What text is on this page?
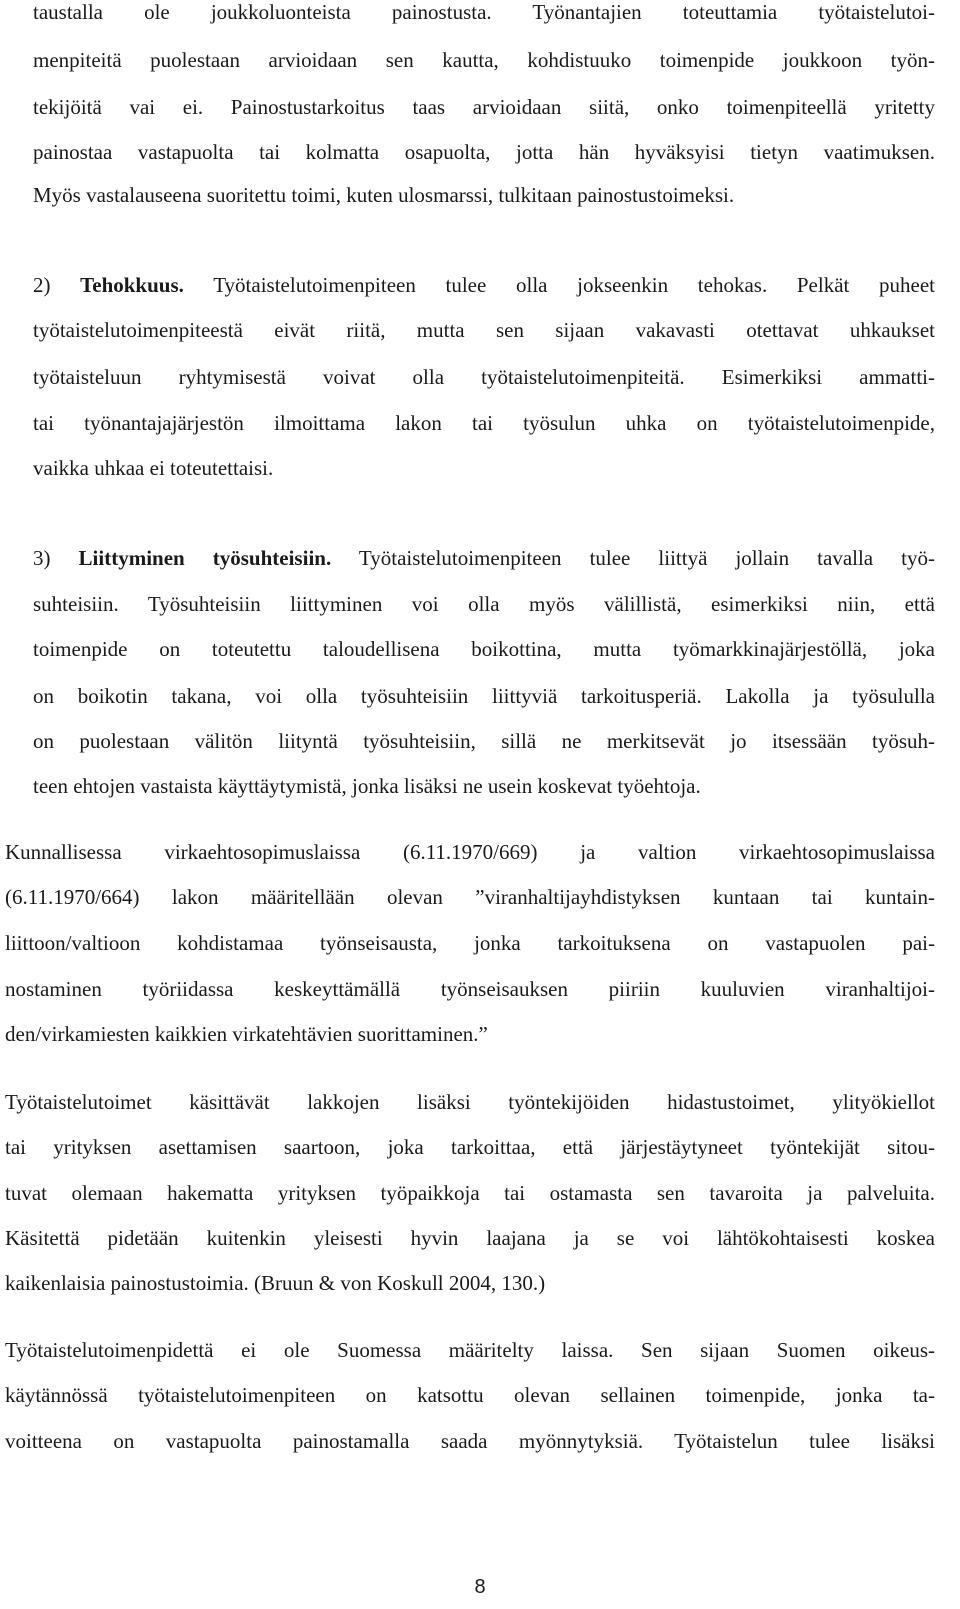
taustalla ole joukkoluonteista painostusta. Työnantajien toteuttamia työtaistelutoi-
menpiteitä puolestaan arvioidaan sen kautta, kohdistuuko toimenpide joukkoon työn-
tekijöitä vai ei. Painostustarkoitus taas arvioidaan siitä, onko toimenpiteellä yritetty
painostaa vastapuolta tai kolmatta osapuolta, jotta hän hyväksyisi tietyn vaatimuksen.
Myös vastalauseena suoritettu toimi, kuten ulosmarssi, tulkitaan painostustoimeksi.
2) Tehokkuus. Työtaistelutoimenpiteen tulee olla jokseenkin tehokas. Pelkät puheet
työtaistelutoimenpiteestä eivät riitä, mutta sen sijaan vakavasti otettavat uhkaukset
työtaisteluun ryhtymisestä voivat olla työtaistelutoimenpiteitä. Esimerkiksi ammatti-
tai työnantajajärjestön ilmoittama lakon tai työsulun uhka on työtaistelutoimenpide,
vaikka uhkaa ei toteutettaisi.
3) Liittyminen työsuhteisiin. Työtaistelutoimenpiteen tulee liittyä jollain tavalla työ-
suhteisiin. Työsuhteisiin liittyminen voi olla myös välillistä, esimerkiksi niin, että
toimenpide on toteutettu taloudellisena boikottina, mutta työmarkkinajärjestöllä, joka
on boikotin takana, voi olla työsuhteisiin liittyviä tarkoitusperiä. Lakolla ja työsululla
on puolestaan välitön liityntä työsuhteisiin, sillä ne merkitsevät jo itsessään työsuh-
teen ehtojen vastaista käyttäytymistä, jonka lisäksi ne usein koskevat työehtoja.
Kunnallisessa virkaehtosopimuslaissa (6.11.1970/669) ja valtion virkaehtosopimuslaissa
(6.11.1970/664) lakon määritellään olevan ”viranhaltijayhdistyksen kuntaan tai kuntain-
liittoon/valtioon kohdistamaa työnseisausta, jonka tarkoituksena on vastapuolen pai-
nostaminen työriidassa keskeyttämällä työnseisauksen piiriin kuuluvien viranhaltijoi-
den/virkamiesten kaikkien virkatehtävien suorittaminen.”
Työtaistelutoimet käsittävät lakkojen lisäksi työntekijöiden hidastustoimet, ylityökiellot
tai yrityksen asettamisen saartoon, joka tarkoittaa, että järjestäytyneet työntekijät sitou-
tuvat olemaan hakematta yrityksen työpaikkoja tai ostamasta sen tavaroita ja palveluita.
Käsitettä pidetään kuitenkin yleisesti hyvin laajana ja se voi lähtökohtaisesti koskea
kaikenlaisia painostustoimia. (Bruun & von Koskull 2004, 130.)
Työtaistelutoimenpidettä ei ole Suomessa määritelty laissa. Sen sijaan Suomen oikeus-
käytännössä työtaistelutoimenpiteen on katsottu olevan sellainen toimenpide, jonka ta-
voitteena on vastapuolta painostamalla saada myönnytyksiä. Työtaistelun tulee lisäksi
8
